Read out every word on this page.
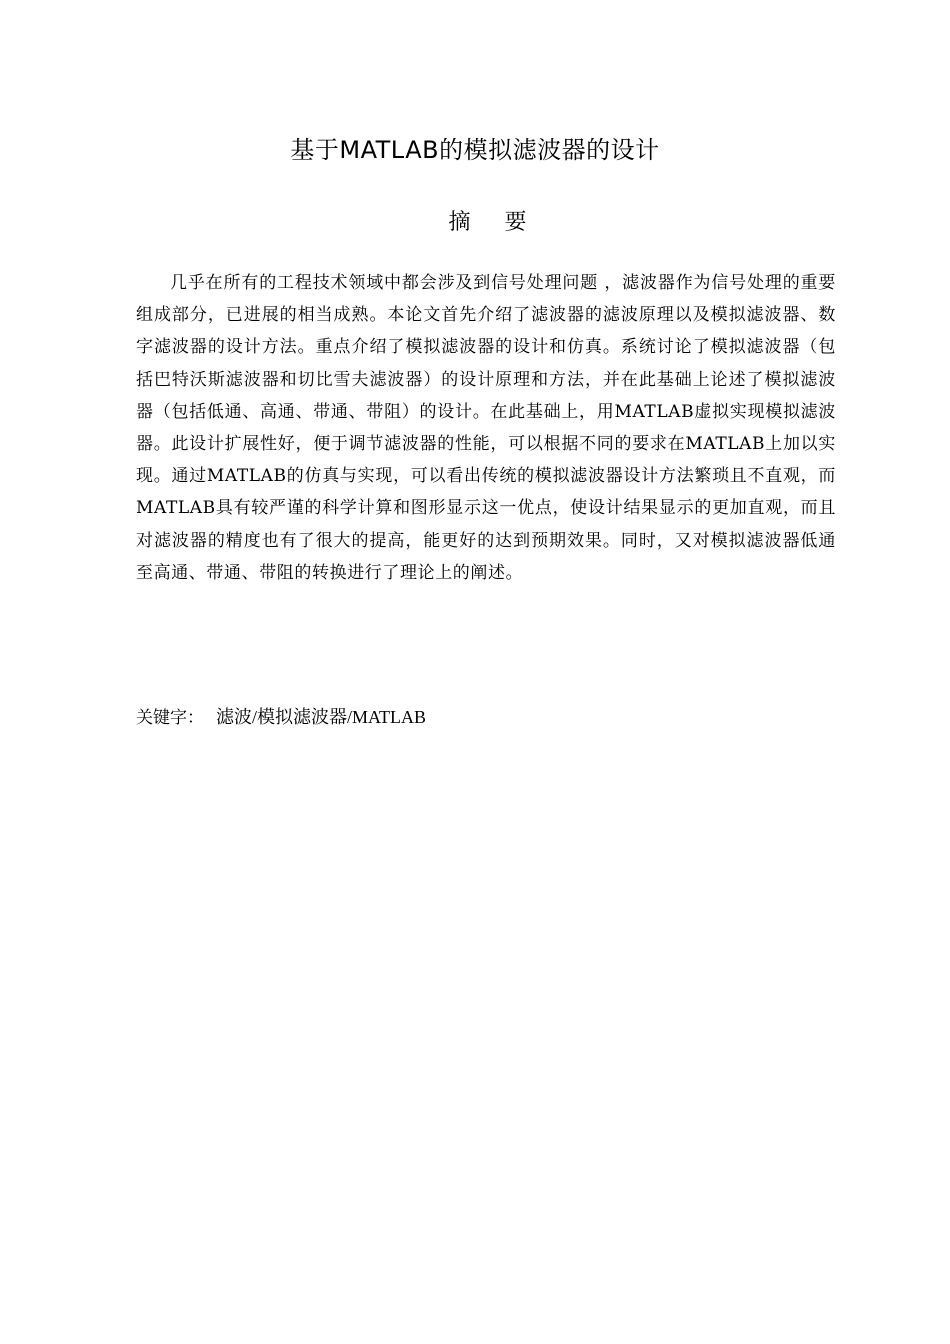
基于MATLAB的模拟滤波器的设计
摘 要
几乎在所有的工程技术领域中都会涉及到信号处理问题 ，滤波器作为信号处理的重要组成部分，已进展的相当成熟。本论文首先介绍了滤波器的滤波原理以及模拟滤波器、数字滤波器的设计方法。重点介绍了模拟滤波器的设计和仿真。系统讨论了模拟滤波器（包括巴特沃斯滤波器和切比雪夫滤波器）的设计原理和方法，并在此基础上论述了模拟滤波器（包括低通、高通、带通、带阻）的设计。在此基础上，用MATLAB虚拟实现模拟滤波器。此设计扩展性好，便于调节滤波器的性能，可以根据不同的要求在MATLAB上加以实现。通过MATLAB的仿真与实现，可以看出传统的模拟滤波器设计方法繁琐且不直观，而MATLAB具有较严谨的科学计算和图形显示这一优点，使设计结果显示的更加直观，而且对滤波器的精度也有了很大的提高，能更好的达到预期效果。同时，又对模拟滤波器低通至高通、带通、带阻的转换进行了理论上的阐述。
关键字： 滤波/模拟滤波器/MATLAB
